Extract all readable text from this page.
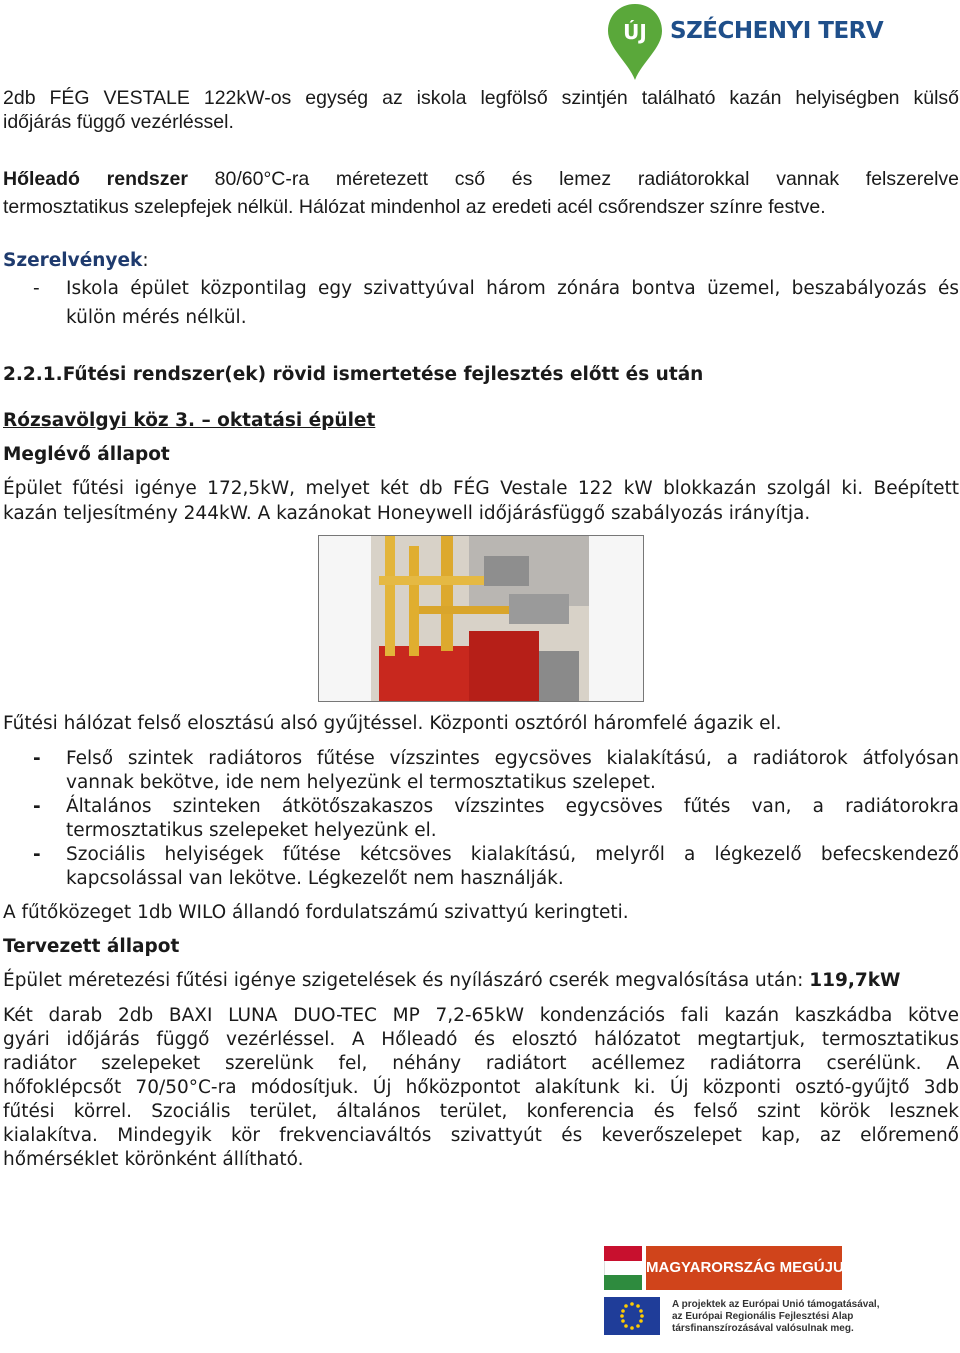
ÚJ	SZÉCHENYI TERV
2db FÉG VESTALE 122kW-os egység az iskola legfölső szintjén található kazán helyiségben külső
időjárás függő vezérléssel.
Hőleadó rendszer 80/60°C-ra méretezett cső és lemez radiátorokkal vannak felszerelve
termosztatikus szelepfejek nélkül. Hálózat mindenhol az eredeti acél csőrendszer színre festve.
Szerelvények:
- Iskola épület központilag egy szivattyúval három zónára bontva üzemel, beszabályozás és
külön mérés nélkül.
2.2.1.Fűtési rendszer(ek) rövid ismertetése fejlesztés előtt és után
Rózsavölgyi köz 3. – oktatási épület
Meglévő állapot
Épület fűtési igénye 172,5kW, melyet két db FÉG Vestale 122 kW blokkazán szolgál ki. Beépített
kazán teljesítmény 244kW. A kazánokat Honeywell időjárásfüggő szabályozás irányítja.
Fűtési hálózat felső elosztású alsó gyűjtéssel. Központi osztóról háromfelé ágazik el.
- Felső szintek radiátoros fűtése vízszintes egycsöves kialakítású, a radiátorok átfolyósan
vannak bekötve, ide nem helyezünk el termosztatikus szelepet.
- Általános szinteken átkötőszakaszos vízszintes egycsöves fűtés van, a radiátorokra
termosztatikus szelepeket helyezünk el.
- Szociális helyiségek fűtése kétcsöves kialakítású, melyről a légkezelő befecskendező
kapcsolással van lekötve. Légkezelőt nem használják.
A fűtőközeget 1db WILO állandó fordulatszámú szivattyú keringteti.
Tervezett állapot
Épület méretezési fűtési igénye szigetelések és nyílászáró cserék megvalósítása után: 119,7kW
Két darab 2db BAXI LUNA DUO-TEC MP 7,2-65kW kondenzációs fali kazán kaszkádba kötve
gyári időjárás függő vezérléssel. A Hőleadó és elosztó hálózatot megtartjuk, termosztatikus
radiátor szelepeket szerelünk fel, néhány radiátort acéllemez radiátorra cserélünk. A
hőfoklépcsőt 70/50°C-ra módosítjuk. Új hőközpontot alakítunk ki. Új központi osztó-gyűjtő 3db
fűtési körrel. Szociális terület, általános terület, konferencia és felső szint körök lesznek
kialakítva. Mindegyik kör frekvenciaváltós szivattyút és keverőszelepet kap, az előremenő
hőmérséklet körönként állítható.
MAGYARORSZÁG MEGÚJUL
A projektek az Európai Unió támogatásával,
az Európai Regionális Fejlesztési Alap
társfinanszírozásával valósulnak meg.
